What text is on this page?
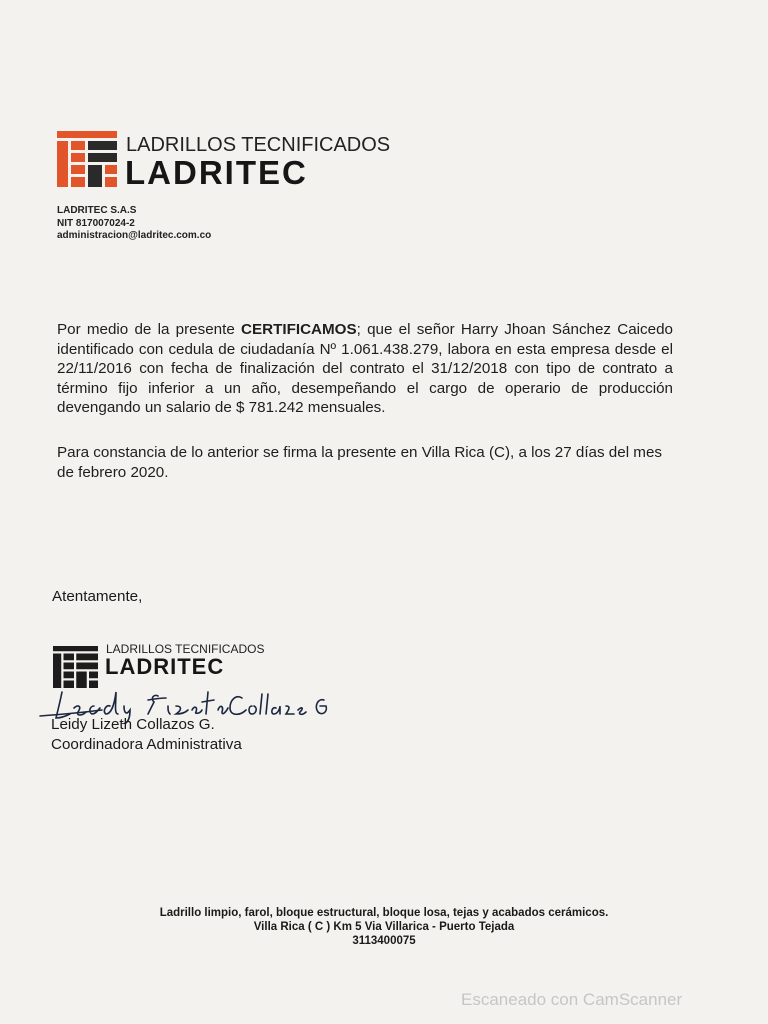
LADRILLOS TECNIFICADOS
LADRITEC
LADRITEC S.A.S
NIT 817007024-2
administracion@ladritec.com.co

Por medio de la presente CERTIFICAMOS; que el señor Harry Jhoan Sánchez Caicedo identificado con cedula de ciudadanía Nº 1.061.438.279, labora en esta empresa desde el 22/11/2016 con fecha de finalización del contrato el 31/12/2018 con tipo de contrato a término fijo inferior a un año, desempeñando el cargo de operario de producción devengando un salario de $ 781.242 mensuales.

Para constancia de lo anterior se firma la presente en Villa Rica (C), a los 27 días del mes de febrero 2020.

Atentamente,
LADRILLOS TECNIFICADOS
LADRITEC
Leidy Lizeth Collazos G.
Coordinadora Administrativa
Ladrillo limpio, farol, bloque estructural, bloque losa, tejas y acabados cerámicos.
Villa Rica ( C ) Km 5 Via Villarica - Puerto Tejada
3113400075
Escaneado con CamScanner
